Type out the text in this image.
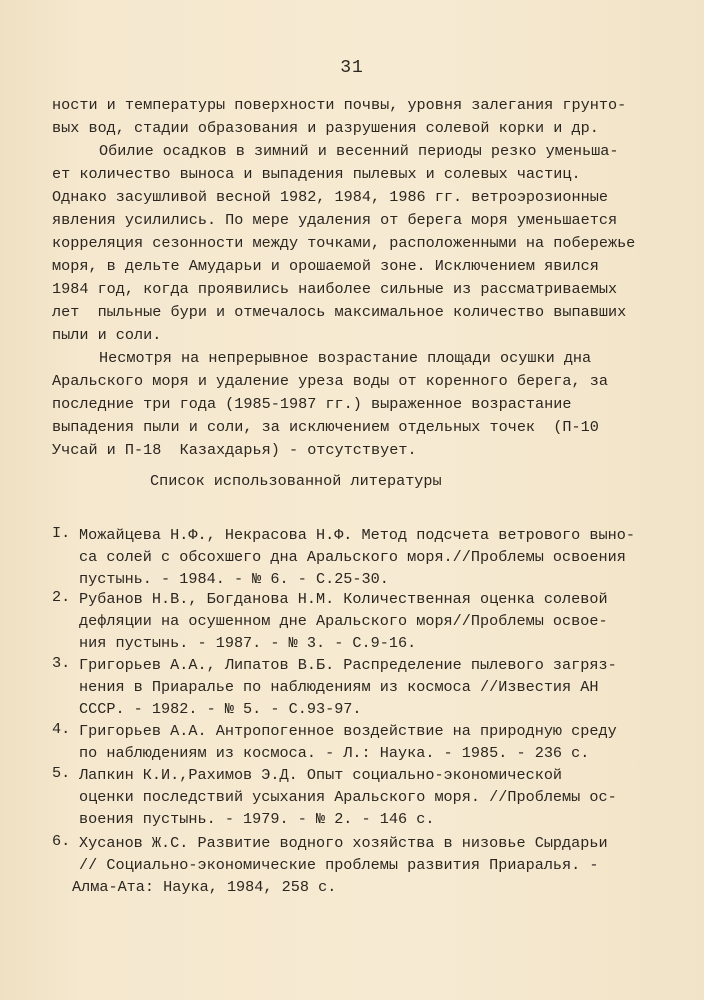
31
ности и температуры поверхности почвы, уровня залегания грунто-
вых вод, стадии образования и разрушения солевой корки и др.
Обилие осадков в зимний и весенний периоды резко уменьша-
ет количество выноса и выпадения пылевых и солевых частиц.
Однако засушливой весной 1982, 1984, 1986 гг. ветроэрозионные
явления усилились. По мере удаления от берега моря уменьшается
корреляция сезонности между точками, расположенными на побережье
моря, в дельте Амударьи и орошаемой зоне. Исключением явился
1984 год, когда проявились наиболее сильные из рассматриваемых
лет  пыльные бури и отмечалось максимальное количество выпавших
пыли и соли.
Несмотря на непрерывное возрастание площади осушки дна
Аральского моря и удаление уреза воды от коренного берега, за
последние три года (1985-1987 гг.) выраженное возрастание
выпадения пыли и соли, за исключением отдельных точек  (П-10
Учсай и П-18  Казахдарья) - отсутствует.
Список использованной литературы
I. Можайцева Н.Ф., Некрасова Н.Ф. Метод подсчета ветрового выно-
са солей с обсохшего дна Аральского моря.//Проблемы освоения
пустынь. - 1984. - № 6. - С.25-30.
2. Рубанов Н.В., Богданова Н.М. Количественная оценка солевой
дефляции на осушенном дне Аральского моря//Проблемы освое-
ния пустынь. - 1987. - № 3. - С.9-16.
3. Григорьев А.А., Липатов В.Б. Распределение пылевого загряз-
нения в Приаралье по наблюдениям из космоса //Известия АН
СССР. - 1982. - № 5. - С.93-97.
4. Григорьев А.А. Антропогенное воздействие на природную среду
по наблюдениям из космоса. - Л.: Наука. - 1985. - 236 с.
5. Лапкин К.И.,Рахимов Э.Д. Опыт социально-экономической
оценки последствий усыхания Аральского моря. //Проблемы ос-
воения пустынь. - 1979. - № 2. - 146 с.
6. Хусанов Ж.С. Развитие водного хозяйства в низовье Сырдарьи
// Социально-экономические проблемы развития Приаралья. -
Алма-Ата: Наука, 1984, 258 с.
